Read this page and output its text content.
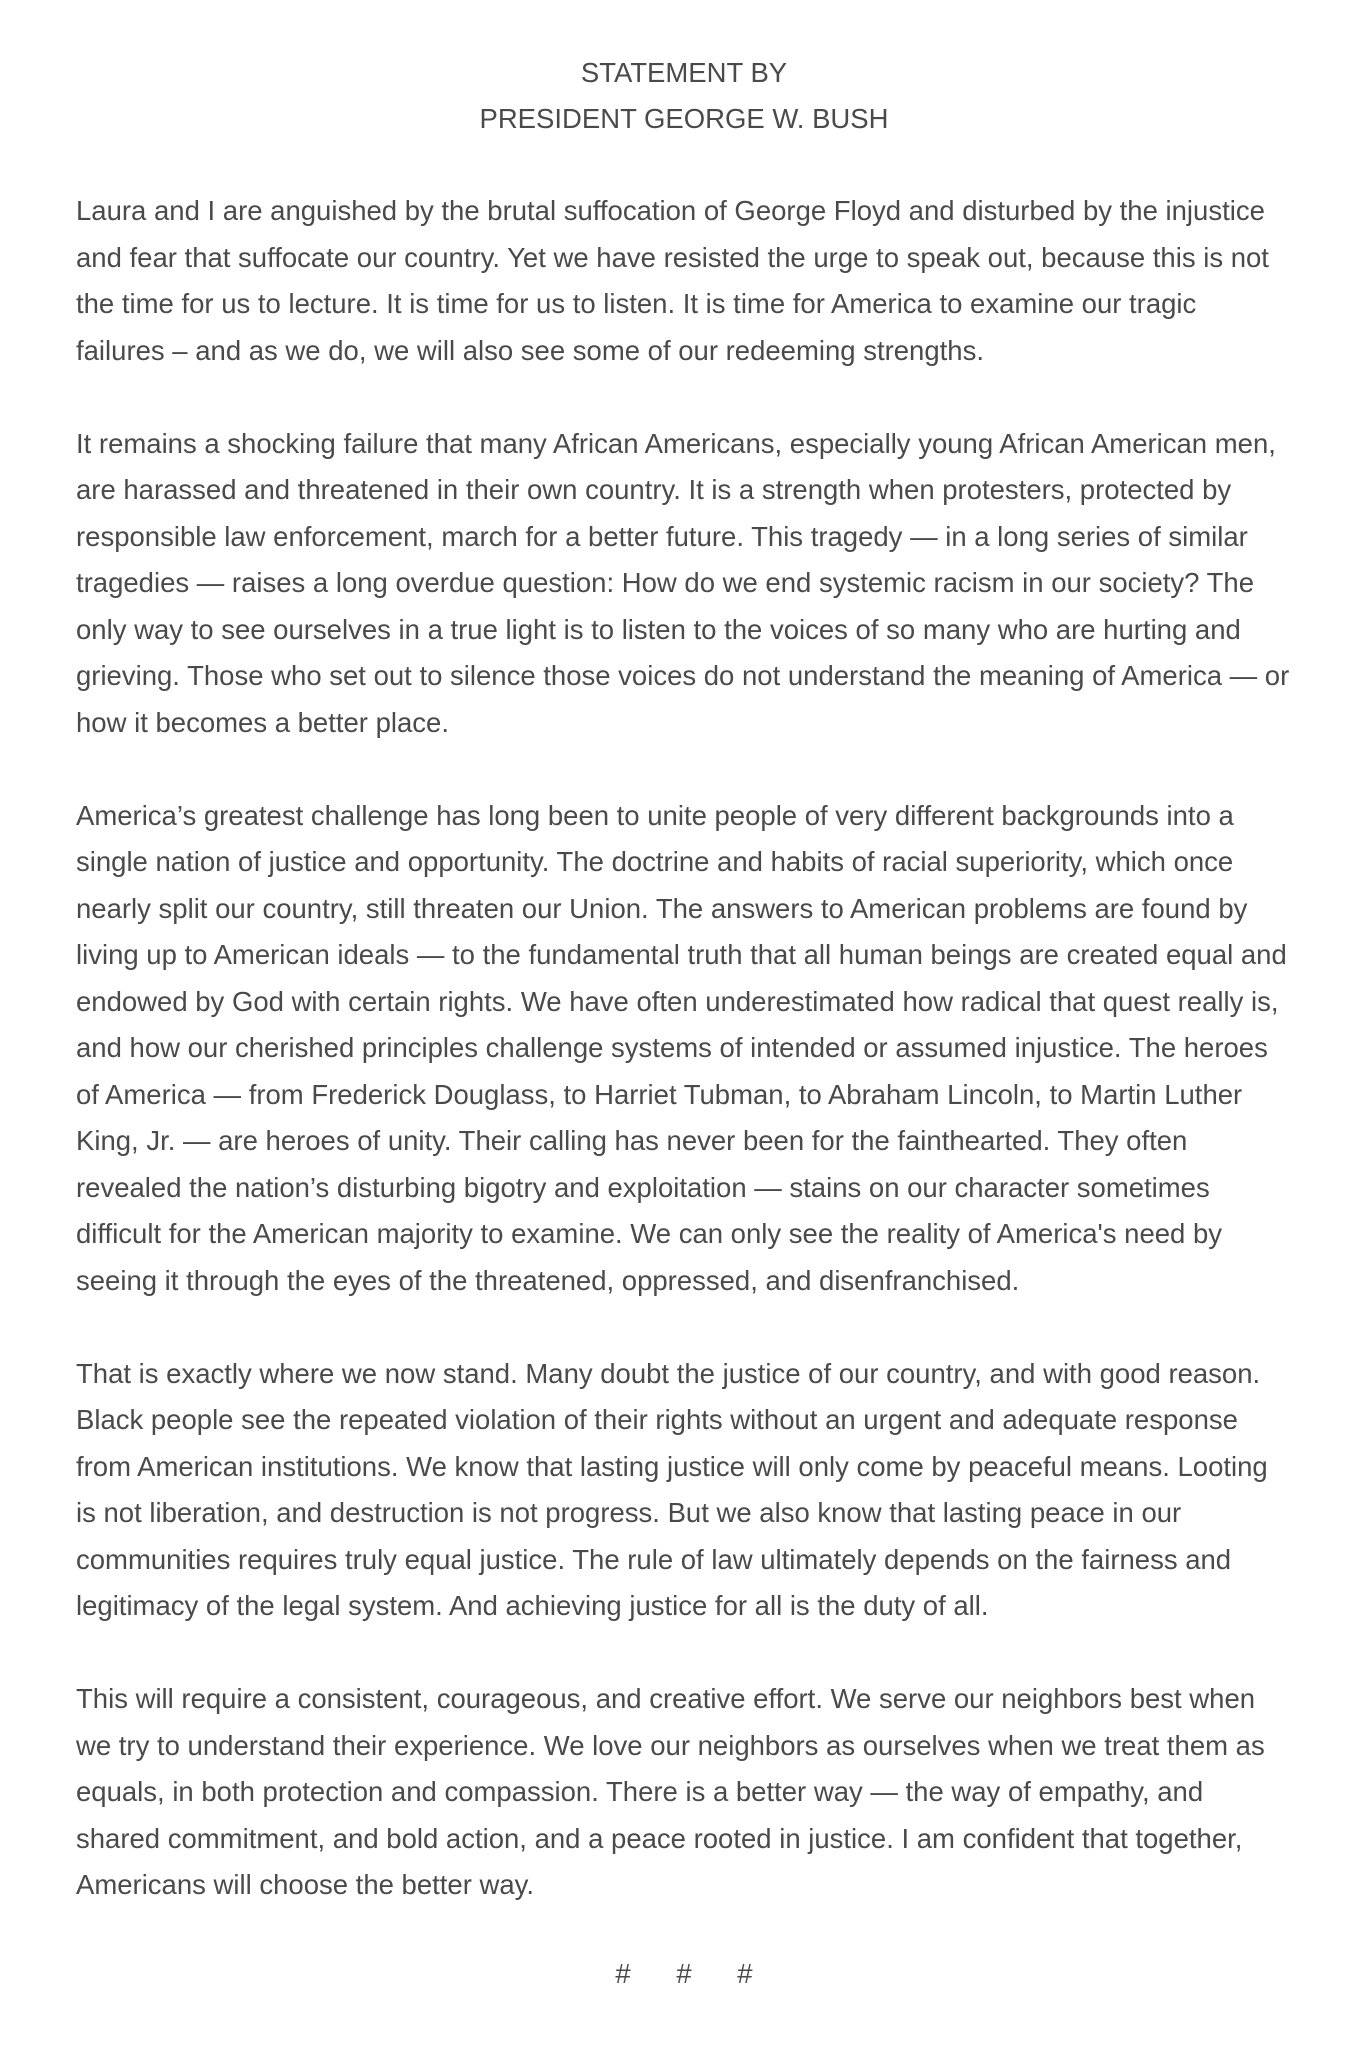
STATEMENT BY
PRESIDENT GEORGE W. BUSH

Laura and I are anguished by the brutal suffocation of George Floyd and disturbed by the injustice and fear that suffocate our country. Yet we have resisted the urge to speak out, because this is not the time for us to lecture. It is time for us to listen. It is time for America to examine our tragic failures – and as we do, we will also see some of our redeeming strengths.

It remains a shocking failure that many African Americans, especially young African American men, are harassed and threatened in their own country. It is a strength when protesters, protected by responsible law enforcement, march for a better future. This tragedy — in a long series of similar tragedies — raises a long overdue question: How do we end systemic racism in our society? The only way to see ourselves in a true light is to listen to the voices of so many who are hurting and grieving. Those who set out to silence those voices do not understand the meaning of America — or how it becomes a better place.

America’s greatest challenge has long been to unite people of very different backgrounds into a single nation of justice and opportunity. The doctrine and habits of racial superiority, which once nearly split our country, still threaten our Union. The answers to American problems are found by living up to American ideals — to the fundamental truth that all human beings are created equal and endowed by God with certain rights. We have often underestimated how radical that quest really is, and how our cherished principles challenge systems of intended or assumed injustice. The heroes of America — from Frederick Douglass, to Harriet Tubman, to Abraham Lincoln, to Martin Luther King, Jr. — are heroes of unity. Their calling has never been for the fainthearted. They often revealed the nation’s disturbing bigotry and exploitation — stains on our character sometimes difficult for the American majority to examine. We can only see the reality of America's need by seeing it through the eyes of the threatened, oppressed, and disenfranchised.

That is exactly where we now stand. Many doubt the justice of our country, and with good reason. Black people see the repeated violation of their rights without an urgent and adequate response from American institutions. We know that lasting justice will only come by peaceful means. Looting is not liberation, and destruction is not progress. But we also know that lasting peace in our communities requires truly equal justice. The rule of law ultimately depends on the fairness and legitimacy of the legal system. And achieving justice for all is the duty of all.

This will require a consistent, courageous, and creative effort. We serve our neighbors best when we try to understand their experience. We love our neighbors as ourselves when we treat them as equals, in both protection and compassion. There is a better way — the way of empathy, and shared commitment, and bold action, and a peace rooted in justice. I am confident that together, Americans will choose the better way.

# # #
